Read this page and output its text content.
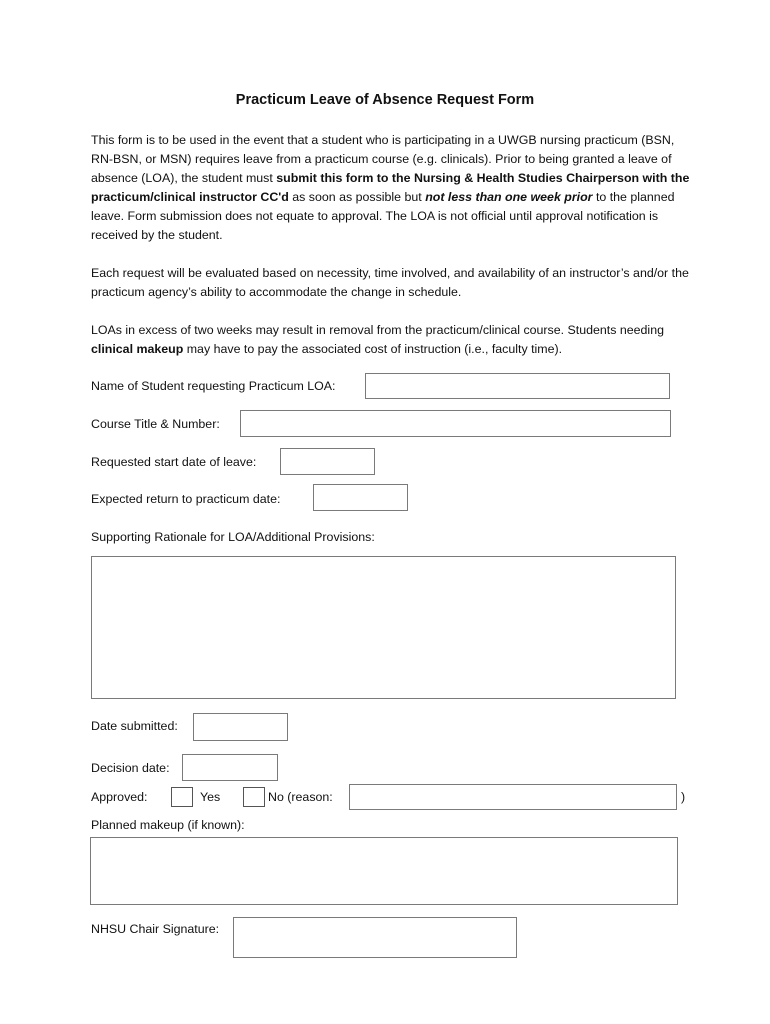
Practicum Leave of Absence Request Form
This form is to be used in the event that a student who is participating in a UWGB nursing practicum (BSN, RN-BSN, or MSN) requires leave from a practicum course (e.g. clinicals). Prior to being granted a leave of absence (LOA), the student must submit this form to the Nursing & Health Studies Chairperson with the practicum/clinical instructor CC'd as soon as possible but not less than one week prior to the planned leave. Form submission does not equate to approval. The LOA is not official until approval notification is received by the student.
Each request will be evaluated based on necessity, time involved, and availability of an instructor’s and/or the practicum agency’s ability to accommodate the change in schedule.
LOAs in excess of two weeks may result in removal from the practicum/clinical course. Students needing clinical makeup may have to pay the associated cost of instruction (i.e., faculty time).
Name of Student requesting Practicum LOA:
Course Title & Number:
Requested start date of leave:
Expected return to practicum date:
Supporting Rationale for LOA/Additional Provisions:
Date submitted:
Decision date:
Approved:	Yes	No (reason:	)
Planned makeup (if known):
NHSU Chair Signature:
